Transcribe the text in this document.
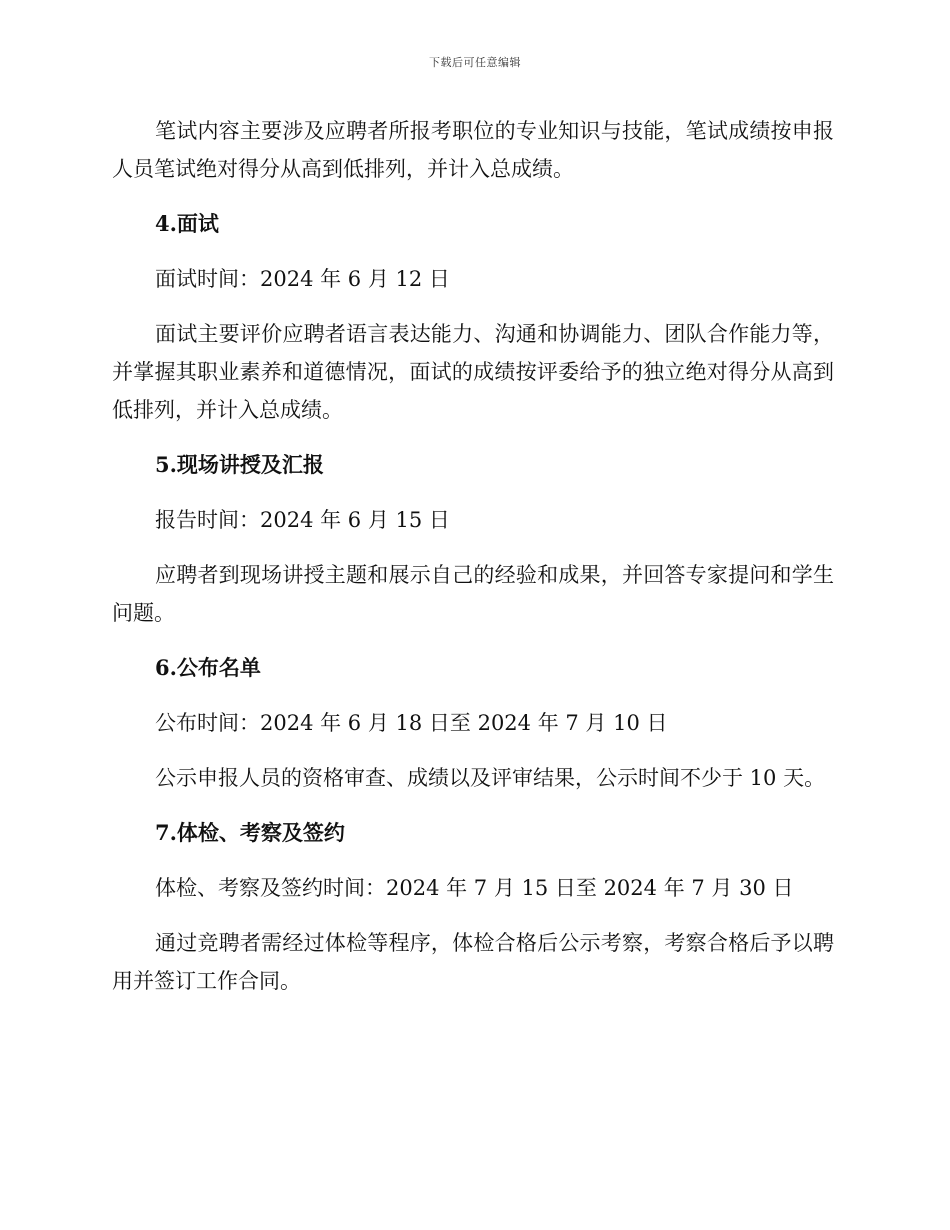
下载后可任意编辑

笔试内容主要涉及应聘者所报考职位的专业知识与技能，笔试成绩按申报人员笔试绝对得分从高到低排列，并计入总成绩。

4.面试

面试时间：2024 年 6 月 12 日

面试主要评价应聘者语言表达能力、沟通和协调能力、团队合作能力等，并掌握其职业素养和道德情况，面试的成绩按评委给予的独立绝对得分从高到低排列，并计入总成绩。

5.现场讲授及汇报

报告时间：2024 年 6 月 15 日

应聘者到现场讲授主题和展示自己的经验和成果，并回答专家提问和学生问题。

6.公布名单

公布时间：2024 年 6 月 18 日至 2024 年 7 月 10 日

公示申报人员的资格审查、成绩以及评审结果，公示时间不少于 10 天。

7.体检、考察及签约

体检、考察及签约时间：2024 年 7 月 15 日至 2024 年 7 月 30 日

通过竞聘者需经过体检等程序，体检合格后公示考察，考察合格后予以聘用并签订工作合同。
